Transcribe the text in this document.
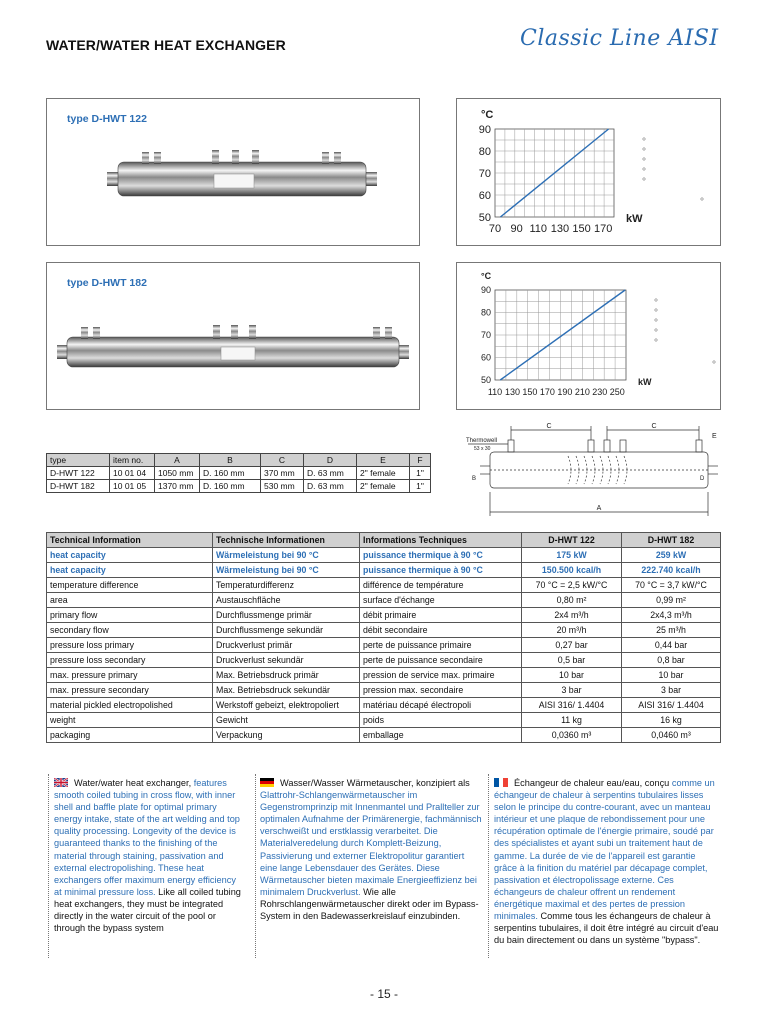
WATER/WATER HEAT EXCHANGER	Classic Line AISI
type D-HWT 122
70 90 110 130 150 170
50
60
70
80
90
°C
kW
type D-HWT 182
110 130 150 170 190 210 230 250
50
60
70
80
90
°C
kW
type	item no.	A	B	C	D	E	F
D-HWT 122	10 01 04	1050 mm	D. 160 mm	370 mm	D. 63 mm	2" female	1"
D-HWT 182	10 01 05	1370 mm	D. 160 mm	530 mm	D. 63 mm	2" female	1"
Thermowell
53 x 30
C	C
A
E
B	D
Technical Information	Technische Informationen	Informations Techniques	D-HWT 122	D-HWT 182
heat capacity	Wärmeleistung bei 90 °C	puissance thermique à 90 °C	175 kW	259 kW
heat capacity	Wärmeleistung bei 90 °C	puissance thermique à 90 °C	150.500 kcal/h	222.740 kcal/h
temperature difference	Temperaturdifferenz	différence de température	70 °C = 2,5 kW/°C	70 °C = 3,7 kW/°C
area	Austauschfläche	surface d'échange	0,80 m²	0,99 m²
primary flow	Durchflussmenge primär	débit primaire	2x4 m³/h	2x4,3 m³/h
secondary flow	Durchflussmenge sekundär	débit secondaire	20 m³/h	25 m³/h
pressure loss primary	Druckverlust primär	perte de puissance primaire	0,27 bar	0,44 bar
pressure loss secondary	Druckverlust sekundär	perte de puissance secondaire	0,5 bar	0,8 bar
max. pressure primary	Max. Betriebsdruck primär	pression de service max. primaire	10 bar	10 bar
max. pressure secondary	Max. Betriebsdruck sekundär	pression max. secondaire	3 bar	3 bar
material pickled electropolished	Werkstoff gebeizt, elektropoliert	matériau décapé électropoli	AISI 316/ 1.4404	AISI 316/ 1.4404
weight	Gewicht	poids	11 kg	16 kg
packaging	Verpackung	emballage	0,0360 m³	0,0460 m³
Water/water heat exchanger, features smooth coiled tubing in cross flow, with inner shell and baffle plate for optimal primary energy intake, state of the art welding and top quality processing. Longevity of the device is guaranteed thanks to the finishing of the material through staining, passivation and external electropolishing. These heat exchangers offer maximum energy efficiency at minimal pressure loss. Like all coiled tubing heat exchangers, they must be integrated directly in the water circuit of the pool or through the bypass system
Wasser/Wasser Wärmetauscher, konzipiert als Glattrohr-Schlangenwärmetauscher im Gegenstromprinzip mit Innenmantel und Prallteller zur optimalen Aufnahme der Primärenergie, fachmännisch verschweißt und erstklassig verarbeitet. Die Materialveredelung durch Komplett-Beizung, Passivierung und externer Elektropolitur garantiert eine lange Lebensdauer des Gerätes. Diese Wärmetauscher bieten maximale Energieeffizienz bei minimalem Druckverlust. Wie alle Rohrschlangenwärmetauscher direkt oder im Bypass-System in den Badewasserkreislauf einzubinden.
Échangeur de chaleur eau/eau, conçu comme un échangeur de chaleur à serpentins tubulaires lisses selon le principe du contre-courant, avec un manteau intérieur et une plaque de rebondissement pour une récupération optimale de l'énergie primaire, soudé par des spécialistes et ayant subi un traitement haut de gamme. La durée de vie de l'appareil est garantie grâce à la finition du matériel par décapage complet, passivation et électropolissage externe. Ces échangeurs de chaleur offrent un rendement énergétique maximal et des pertes de pression minimales. Comme tous les échangeurs de chaleur à serpentins tubulaires, il doit être intégré au circuit d'eau du bain directement ou dans un système "bypass".
- 15 -
